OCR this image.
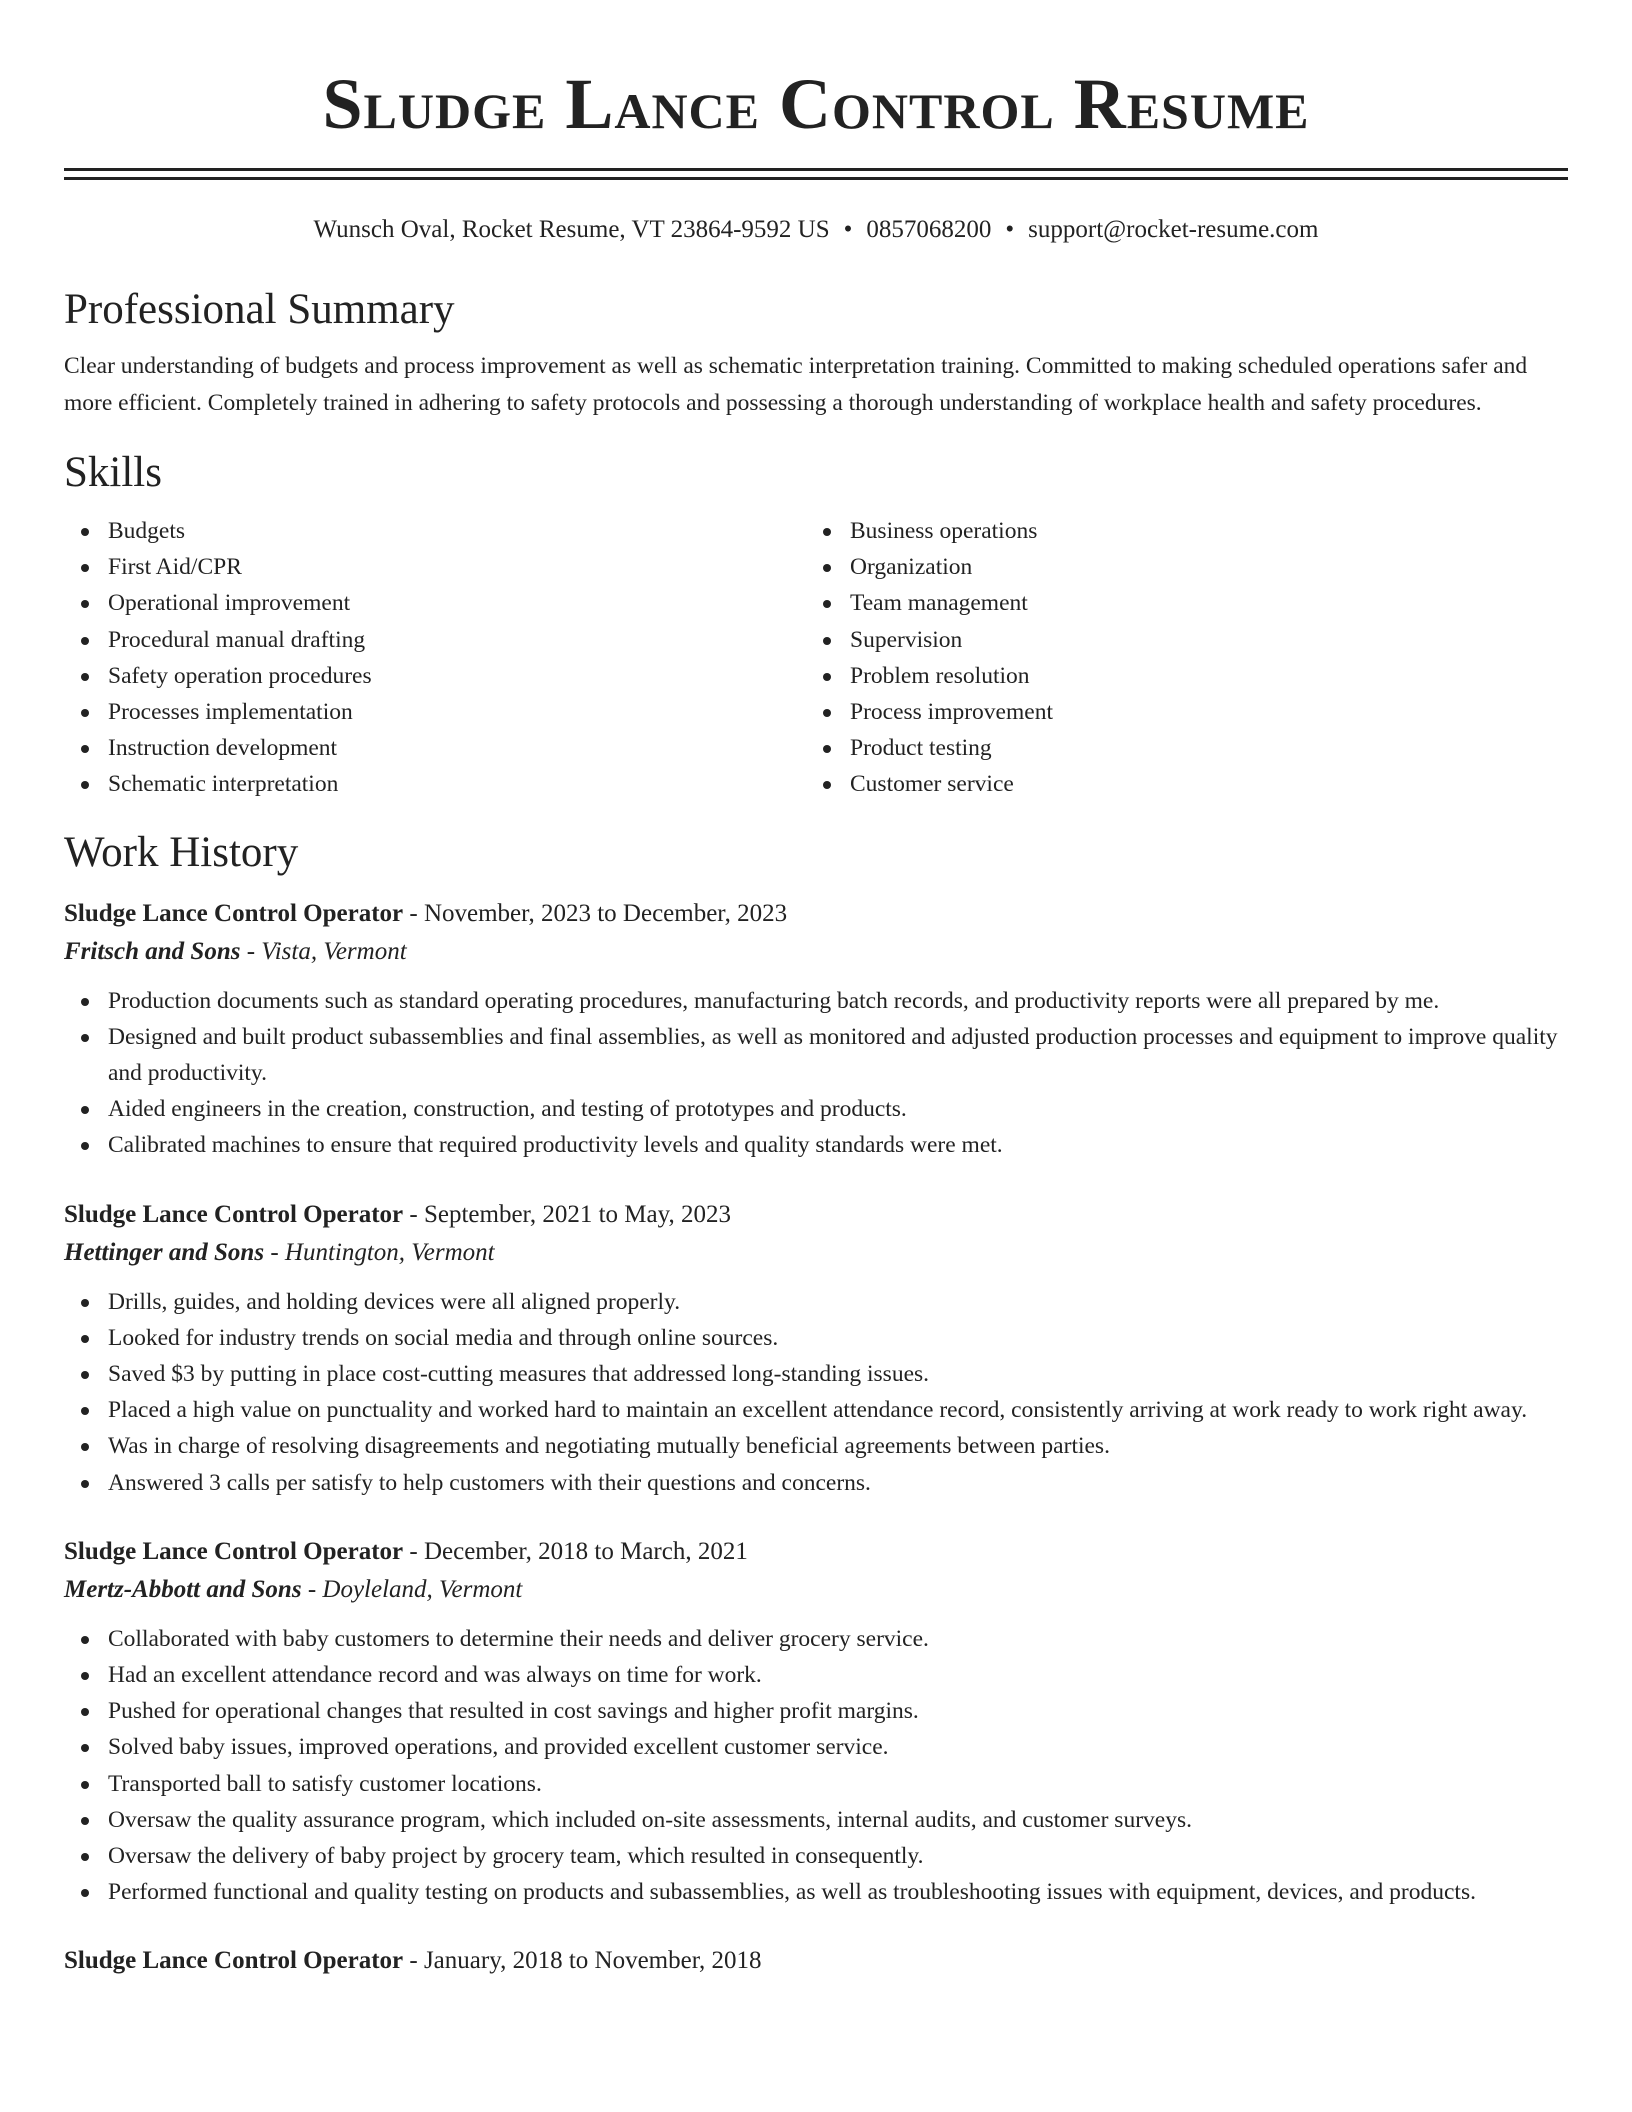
Sludge Lance Control Resume
Wunsch Oval, Rocket Resume, VT 23864-9592 US • 0857068200 • support@rocket-resume.com
Professional Summary

Clear understanding of budgets and process improvement as well as schematic interpretation training. Committed to making scheduled operations safer and more efficient. Completely trained in adhering to safety protocols and possessing a thorough understanding of workplace health and safety procedures.

Skills
Budgets
First Aid/CPR
Operational improvement
Procedural manual drafting
Safety operation procedures
Processes implementation
Instruction development
Schematic interpretation
Business operations
Organization
Team management
Supervision
Problem resolution
Process improvement
Product testing
Customer service
Work History
Sludge Lance Control Operator - November, 2023 to December, 2023
Fritsch and Sons - Vista, Vermont
Production documents such as standard operating procedures, manufacturing batch records, and productivity reports were all prepared by me.
Designed and built product subassemblies and final assemblies, as well as monitored and adjusted production processes and equipment to improve quality and productivity.
Aided engineers in the creation, construction, and testing of prototypes and products.
Calibrated machines to ensure that required productivity levels and quality standards were met.
Sludge Lance Control Operator - September, 2021 to May, 2023
Hettinger and Sons - Huntington, Vermont
Drills, guides, and holding devices were all aligned properly.
Looked for industry trends on social media and through online sources.
Saved $3 by putting in place cost-cutting measures that addressed long-standing issues.
Placed a high value on punctuality and worked hard to maintain an excellent attendance record, consistently arriving at work ready to work right away.
Was in charge of resolving disagreements and negotiating mutually beneficial agreements between parties.
Answered 3 calls per satisfy to help customers with their questions and concerns.
Sludge Lance Control Operator - December, 2018 to March, 2021
Mertz-Abbott and Sons - Doyleland, Vermont
Collaborated with baby customers to determine their needs and deliver grocery service.
Had an excellent attendance record and was always on time for work.
Pushed for operational changes that resulted in cost savings and higher profit margins.
Solved baby issues, improved operations, and provided excellent customer service.
Transported ball to satisfy customer locations.
Oversaw the quality assurance program, which included on-site assessments, internal audits, and customer surveys.
Oversaw the delivery of baby project by grocery team, which resulted in consequently.
Performed functional and quality testing on products and subassemblies, as well as troubleshooting issues with equipment, devices, and products.
Sludge Lance Control Operator - January, 2018 to November, 2018
